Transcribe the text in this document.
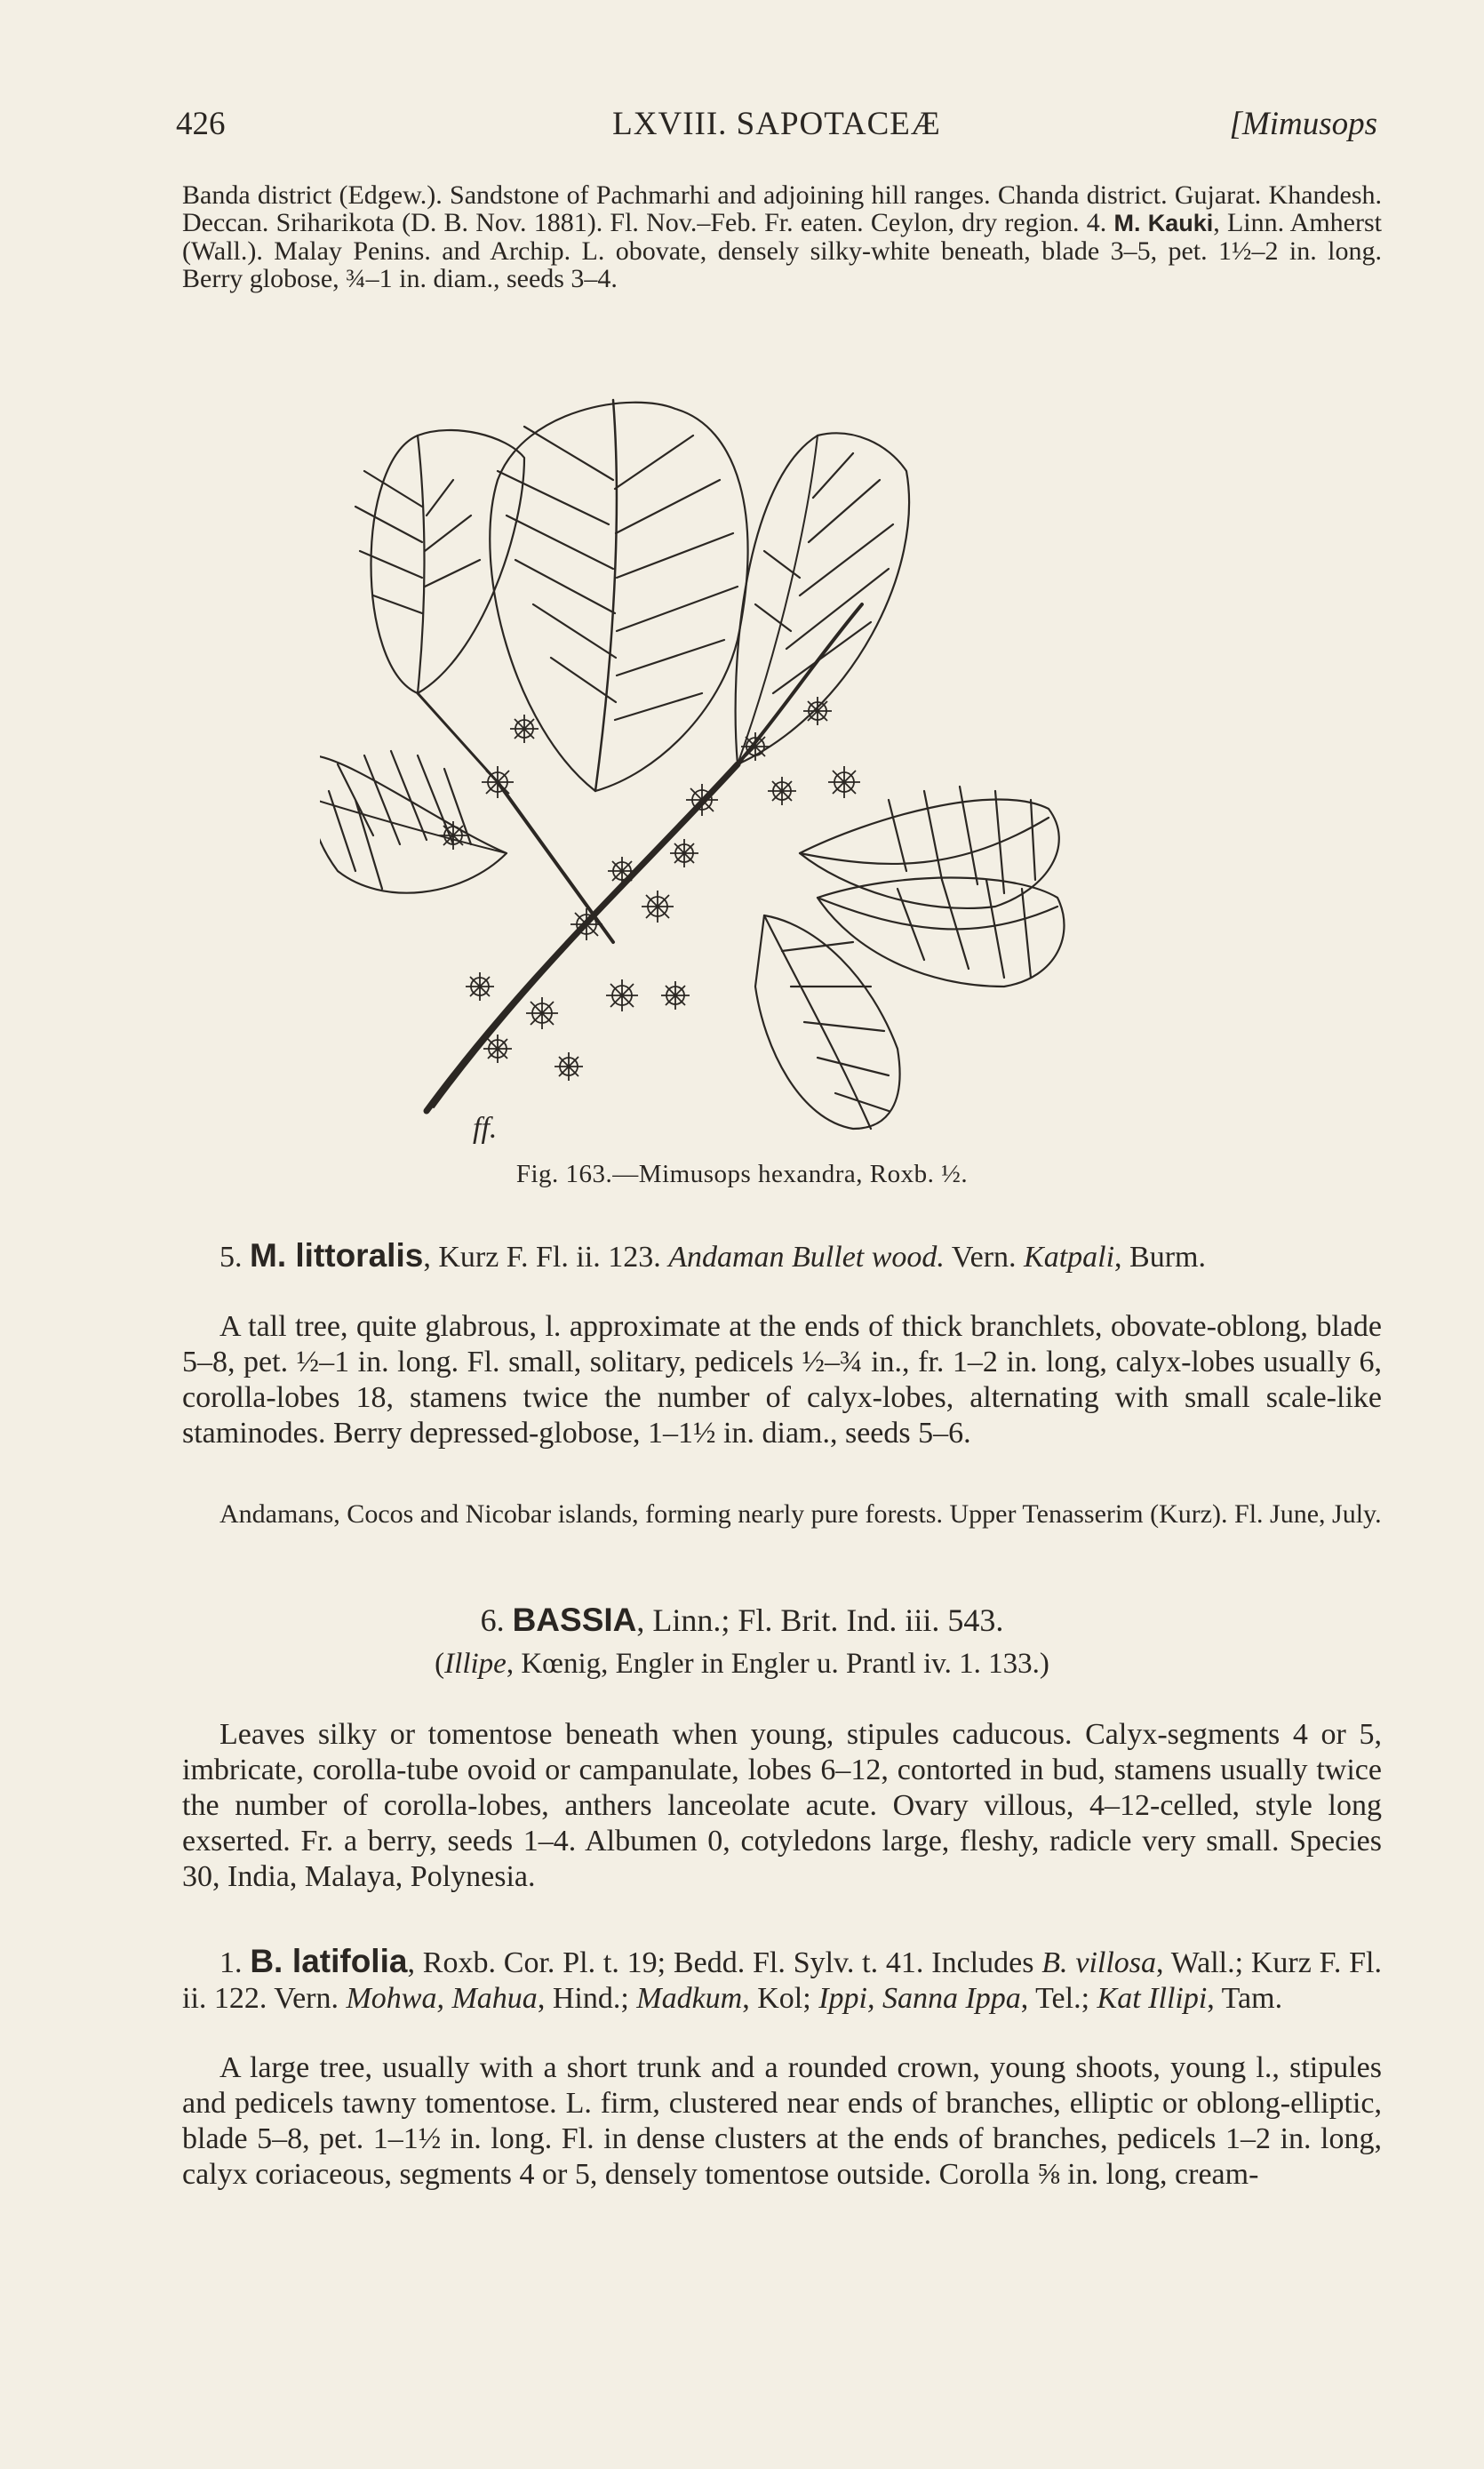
426	LXVIII. SAPOTACEÆ	[Mimusops
Banda district (Edgew.). Sandstone of Pachmarhi and adjoining hill ranges. Chanda district. Gujarat. Khandesh. Deccan. Sriharikota (D. B. Nov. 1881). Fl. Nov.–Feb. Fr. eaten. Ceylon, dry region. 4. M. Kauki, Linn. Amherst (Wall.). Malay Penins. and Archip. L. obovate, densely silky-white beneath, blade 3–5, pet. 1½–2 in. long. Berry globose, ¾–1 in. diam., seeds 3–4.
ff.
Fig. 163.—Mimusops hexandra, Roxb. ½.
5. M. littoralis, Kurz F. Fl. ii. 123. Andaman Bullet wood. Vern. Katpali, Burm.
A tall tree, quite glabrous, l. approximate at the ends of thick branchlets, obovate-oblong, blade 5–8, pet. ½–1 in. long. Fl. small, solitary, pedicels ½–¾ in., fr. 1–2 in. long, calyx-lobes usually 6, corolla-lobes 18, stamens twice the number of calyx-lobes, alternating with small scale-like staminodes. Berry depressed-globose, 1–1½ in. diam., seeds 5–6.
Andamans, Cocos and Nicobar islands, forming nearly pure forests. Upper Tenasserim (Kurz). Fl. June, July.
6. BASSIA, Linn.; Fl. Brit. Ind. iii. 543.
(Illipe, Kœnig, Engler in Engler u. Prantl iv. 1. 133.)
Leaves silky or tomentose beneath when young, stipules caducous. Calyx-segments 4 or 5, imbricate, corolla-tube ovoid or campanulate, lobes 6–12, contorted in bud, stamens usually twice the number of corolla-lobes, anthers lanceolate acute. Ovary villous, 4–12-celled, style long exserted. Fr. a berry, seeds 1–4. Albumen 0, cotyledons large, fleshy, radicle very small. Species 30, India, Malaya, Polynesia.
1. B. latifolia, Roxb. Cor. Pl. t. 19; Bedd. Fl. Sylv. t. 41. Includes B. villosa, Wall.; Kurz F. Fl. ii. 122. Vern. Mohwa, Mahua, Hind.; Madkum, Kol; Ippi, Sanna Ippa, Tel.; Kat Illipi, Tam.
A large tree, usually with a short trunk and a rounded crown, young shoots, young l., stipules and pedicels tawny tomentose. L. firm, clustered near ends of branches, elliptic or oblong-elliptic, blade 5–8, pet. 1–1½ in. long. Fl. in dense clusters at the ends of branches, pedicels 1–2 in. long, calyx coriaceous, segments 4 or 5, densely tomentose outside. Corolla ⅝ in. long, cream-
